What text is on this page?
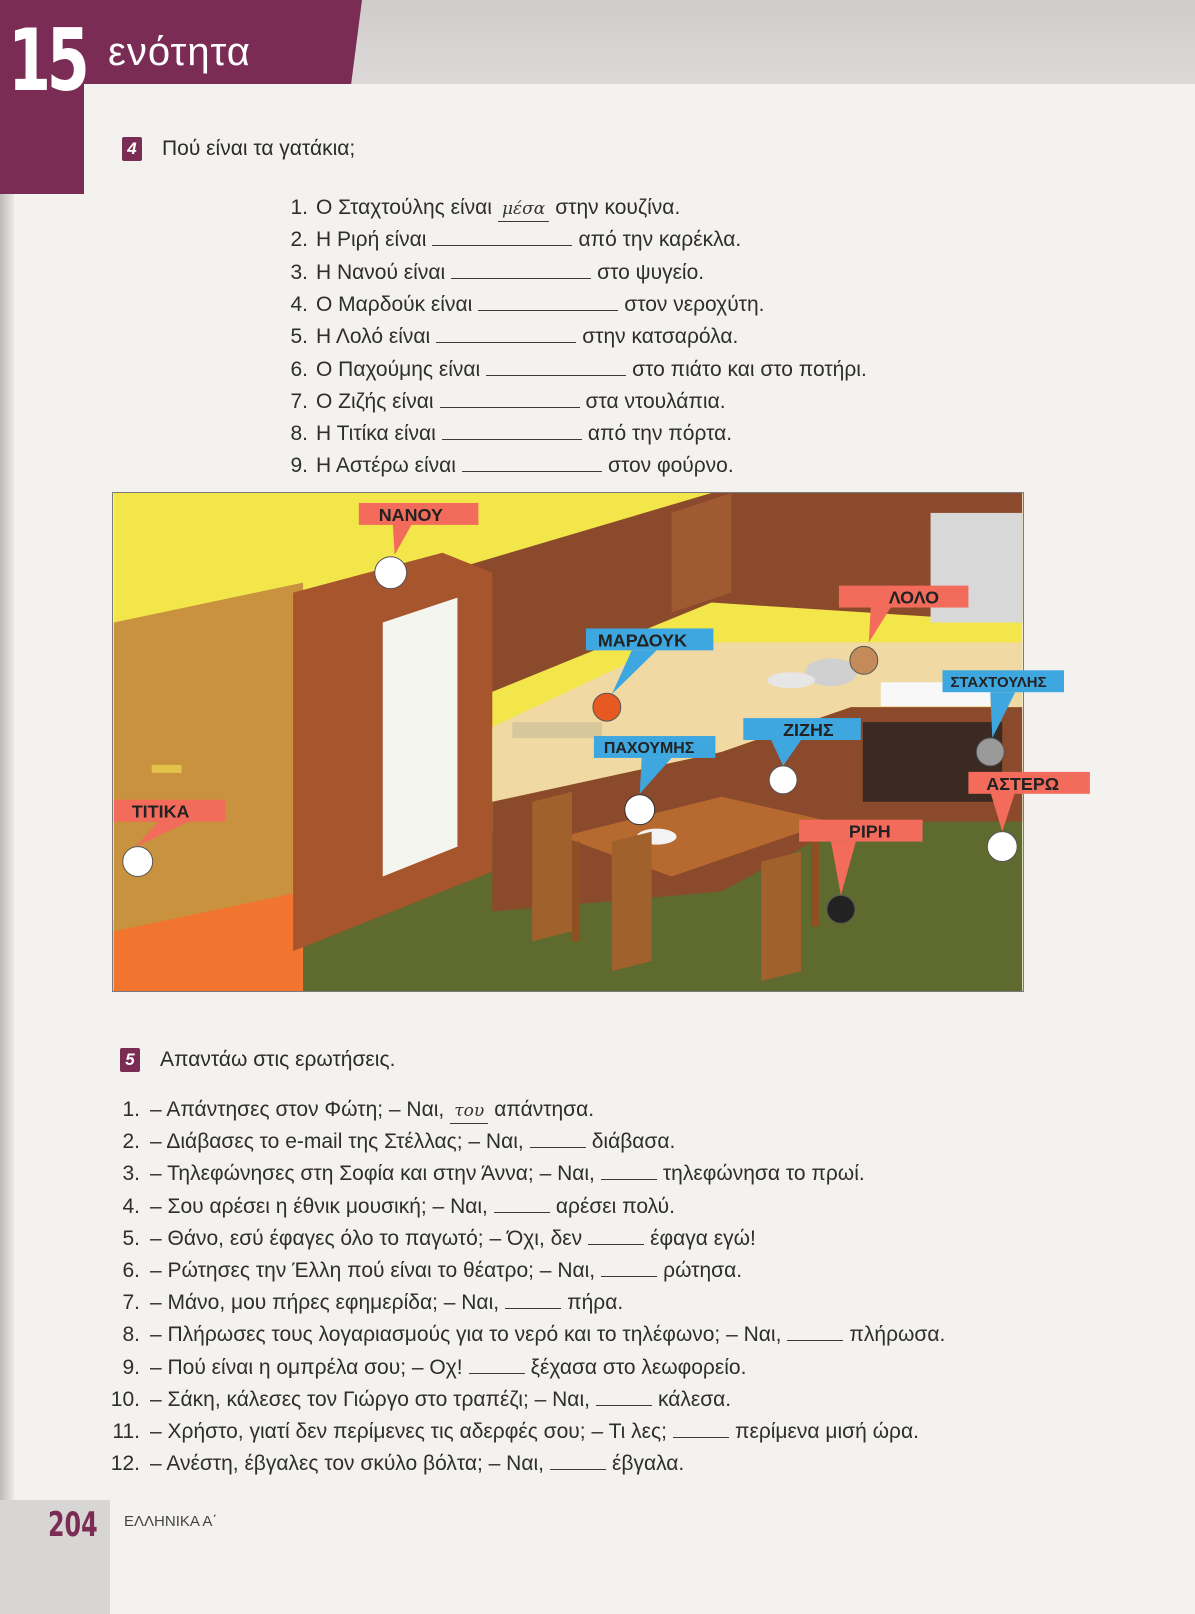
15 ενότητα
4 Πού είναι τα γατάκια;
1. Ο Σταχτούλης είναι μέσα στην κουζίνα.
2. Η Ριρή είναι	από την καρέκλα.
3. Η Νανού είναι	στο ψυγείο.
4. Ο Μαρδούκ είναι	στον νεροχύτη.
5. Η Λολό είναι	στην κατσαρόλα.
6. Ο Παχούμης είναι	στο πιάτο και στο ποτήρι.
7. Ο Ζιζής είναι	στα ντουλάπια.
8. Η Τιτίκα είναι	από την πόρτα.
9. Η Αστέρω είναι	στον φούρνο.
ΝΑΝΟΥ
ΛΟΛΟ
ΜΑΡΔΟΥΚ
ΣΤΑΧΤΟΥΛΗΣ
ΖΙΖΗΣ
ΠΑΧΟΥΜΗΣ
ΑΣΤΕΡΩ
ΤΙΤΙΚΑ
ΡΙΡΗ
5 Απαντάω στις ερωτήσεις.
1. – Απάντησες στον Φώτη; – Ναι, του απάντησα.
2. – Διάβασες το e-mail της Στέλλας; – Ναι,	διάβασα.
3. – Τηλεφώνησες στη Σοφία και στην Άννα; – Ναι,	τηλεφώνησα το πρωί.
4. – Σου αρέσει η έθνικ μουσική; – Ναι,	αρέσει πολύ.
5. – Θάνο, εσύ έφαγες όλο το παγωτό; – Όχι, δεν	έφαγα εγώ!
6. – Ρώτησες την Έλλη πού είναι το θέατρο; – Ναι,	ρώτησα.
7. – Μάνο, μου πήρες εφημερίδα; – Ναι,	πήρα.
8. – Πλήρωσες τους λογαριασμούς για το νερό και το τηλέφωνο; – Ναι,	πλήρωσα.
9. – Πού είναι η ομπρέλα σου; – Οχ!	ξέχασα στο λεωφορείο.
10. – Σάκη, κάλεσες τον Γιώργο στο τραπέζι; – Ναι,	κάλεσα.
11. – Χρήστο, γιατί δεν περίμενες τις αδερφές σου; – Τι λες;	περίμενα μισή ώρα.
12. – Ανέστη, έβγαλες τον σκύλο βόλτα; – Ναι,	έβγαλα.
204 ΕΛΛΗΝΙΚΑ Α΄
